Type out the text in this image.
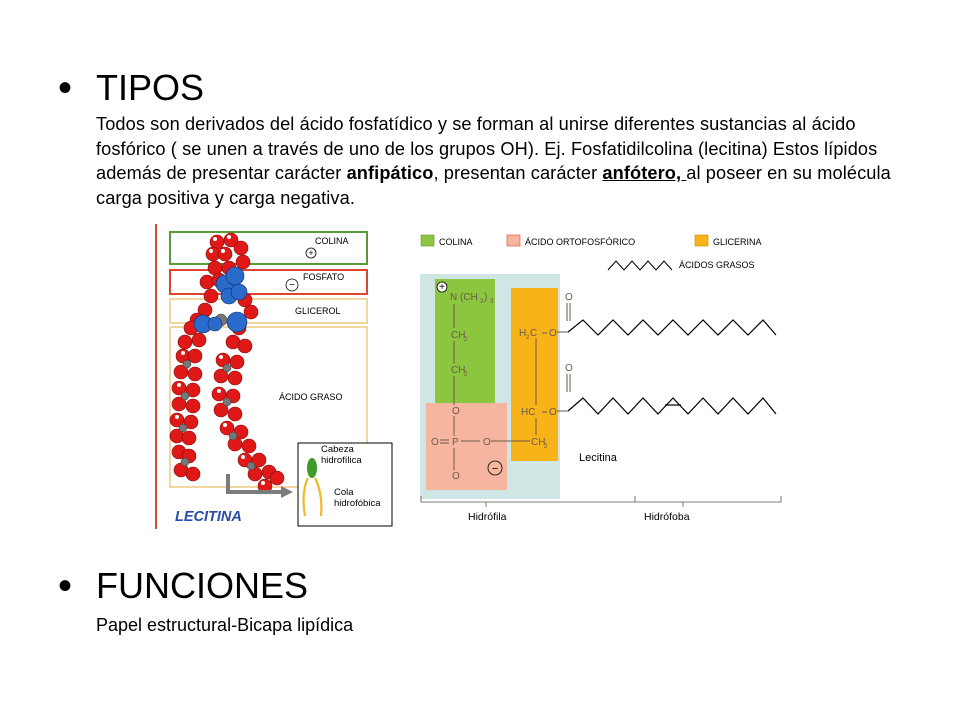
• TIPOS
Todos son derivados del ácido fosfatídico y se forman al unirse diferentes sustancias al ácido fosfórico ( se unen a través de uno de los grupos OH). Ej. Fosfatidilcolina (lecitina) Estos lípidos además de presentar carácter anfipático, presentan carácter anfótero, al poseer en su molécula carga positiva y carga negativa.
COLINA
+
FOSFATO
−
GLICEROL
ÁCIDO GRASO
Cabeza
hidrofílica
Cola
hidrofóbica
LECITINA
COLINA	ÁCIDO ORTOFOSFÓRICO	GLICERINA
ÁCIDOS GRASOS
+
N (CH 3 ) 3
CH
2
CH
2
O
O P O
O
H 2 C O
HC O
CH
2
O
O
−
Lecitina
Hidrófila	Hidrófoba
• FUNCIONES
Papel estructural-Bicapa lipídica
